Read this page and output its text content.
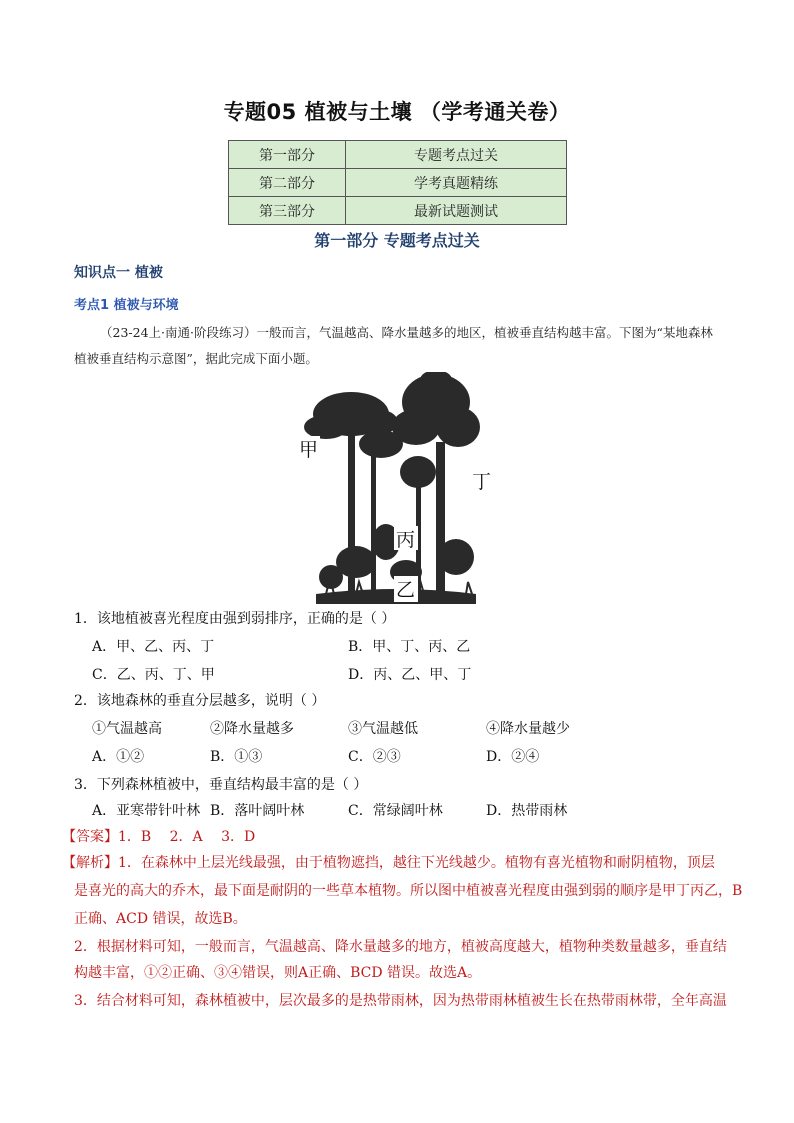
专题05 植被与土壤 （学考通关卷）
第一部分	专题考点过关
第二部分	学考真题精练
第三部分	最新试题测试
第一部分 专题考点过关
知识点一 植被
考点1 植被与环境
（23-24上·南通·阶段练习）一般而言，气温越高、降水量越多的地区，植被垂直结构越丰富。下图为“某地森林植被垂直结构示意图”，据此完成下面小题。
甲
丁
丙
乙
1．该地植被喜光程度由强到弱排序，正确的是（ ）
A．甲、乙、丙、丁	B．甲、丁、丙、乙
C．乙、丙、丁、甲	D．丙、乙、甲、丁
2．该地森林的垂直分层越多，说明（ ）
①气温越高	②降水量越多	③气温越低	④降水量越少
A．①②	B．①③	C．②③	D．②④
3．下列森林植被中，垂直结构最丰富的是（ ）
A．亚寒带针叶林 B．落叶阔叶林	C．常绿阔叶林	D．热带雨林
【答案】1．B　 2．A　 3．D
【解析】1．在森林中上层光线最强，由于植物遮挡，越往下光线越少。植物有喜光植物和耐阴植物，顶层
是喜光的高大的乔木，最下面是耐阴的一些草本植物。所以图中植被喜光程度由强到弱的顺序是甲丁丙乙，B
正确、ACD 错误，故选B。
2．根据材料可知，一般而言，气温越高、降水量越多的地方，植被高度越大，植物种类数量越多，垂直结
构越丰富，①②正确、③④错误，则A正确、BCD 错误。故选A。
3．结合材料可知，森林植被中，层次最多的是热带雨林，因为热带雨林植被生长在热带雨林带，全年高温
